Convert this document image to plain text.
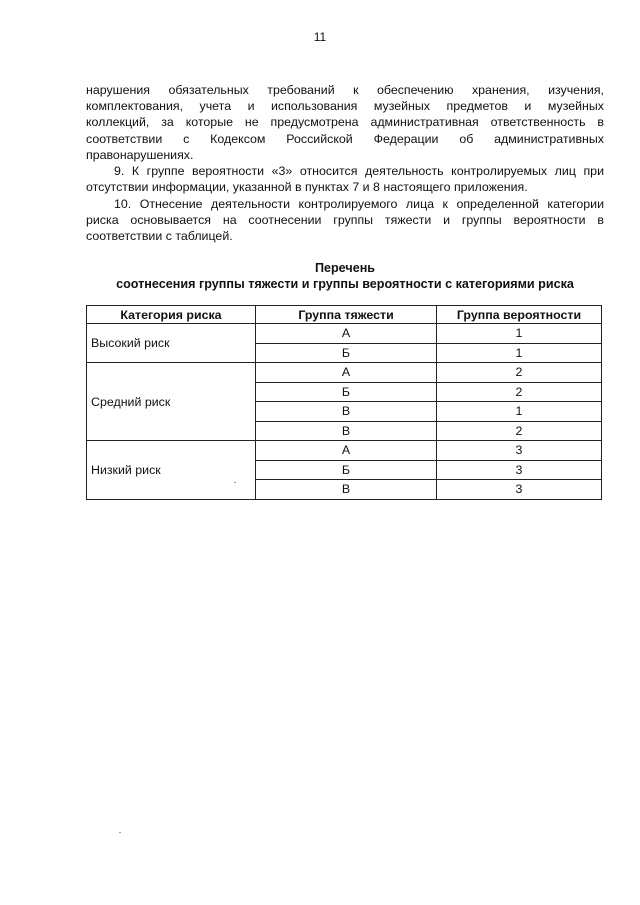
11
нарушения обязательных требований к обеспечению хранения, изучения,
комплектования, учета и использования музейных предметов и музейных
коллекций, за которые не предусмотрена административная ответственность в
соответствии с Кодексом Российской Федерации об административных
правонарушениях.

9. К группе вероятности «3» относится деятельность контролируемых лиц при отсутствии информации, указанной в пунктах 7 и 8 настоящего приложения.

10. Отнесение деятельности контролируемого лица к определенной категории риска основывается на соотнесении группы тяжести и группы вероятности в соответствии с таблицей.

Перечень
соотнесения группы тяжести и группы вероятности с категориями риска
Категория риска	Группа тяжести	Группа вероятности
Высокий риск	А	1
	Б	1
Средний риск	А	2
	Б	2
	В	1
	В	2
Низкий риск	А	3
	Б	3
	В	3
